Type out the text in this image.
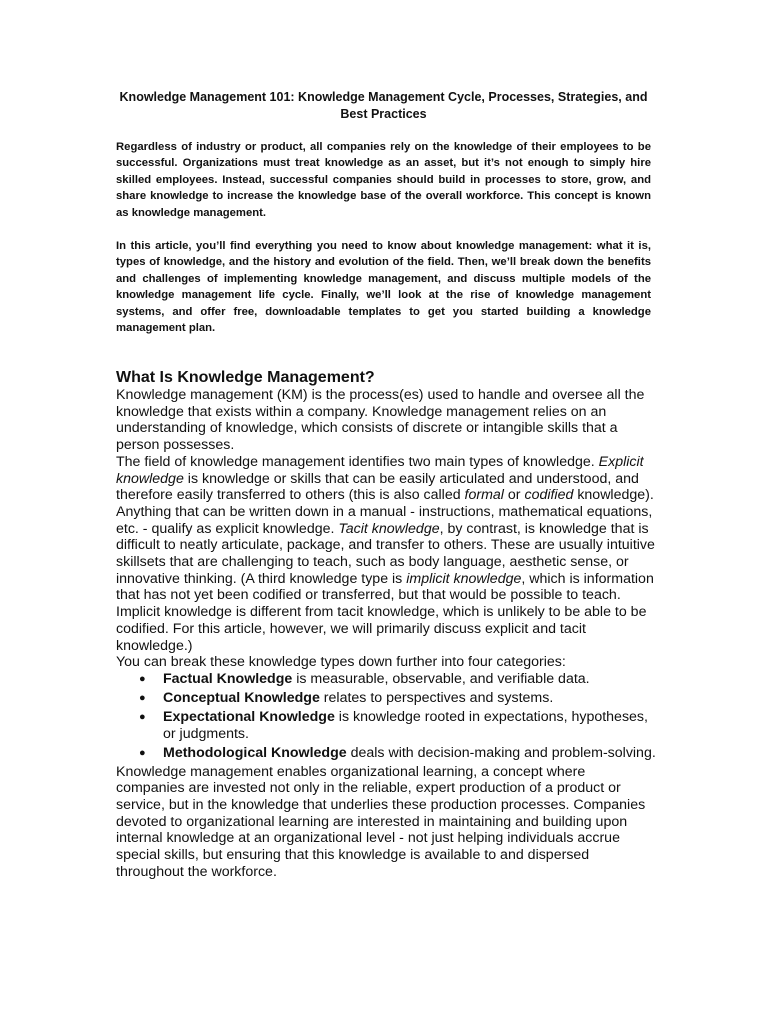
Knowledge Management 101: Knowledge Management Cycle, Processes, Strategies, and Best Practices

Regardless of industry or product, all companies rely on the knowledge of their employees to be successful. Organizations must treat knowledge as an asset, but it’s not enough to simply hire skilled employees. Instead, successful companies should build in processes to store, grow, and share knowledge to increase the knowledge base of the overall workforce. This concept is known as knowledge management.

In this article, you’ll find everything you need to know about knowledge management: what it is, types of knowledge, and the history and evolution of the field. Then, we’ll break down the benefits and challenges of implementing knowledge management, and discuss multiple models of the knowledge management life cycle. Finally, we’ll look at the rise of knowledge management systems, and offer free, downloadable templates to get you started building a knowledge management plan.

What Is Knowledge Management?

Knowledge management (KM) is the process(es) used to handle and oversee all the knowledge that exists within a company. Knowledge management relies on an understanding of knowledge, which consists of discrete or intangible skills that a person possesses.

The field of knowledge management identifies two main types of knowledge. Explicit knowledge is knowledge or skills that can be easily articulated and understood, and therefore easily transferred to others (this is also called formal or codified knowledge). Anything that can be written down in a manual - instructions, mathematical equations, etc. - qualify as explicit knowledge. Tacit knowledge, by contrast, is knowledge that is difficult to neatly articulate, package, and transfer to others. These are usually intuitive skillsets that are challenging to teach, such as body language, aesthetic sense, or innovative thinking. (A third knowledge type is implicit knowledge, which is information that has not yet been codified or transferred, but that would be possible to teach. Implicit knowledge is different from tacit knowledge, which is unlikely to be able to be codified. For this article, however, we will primarily discuss explicit and tacit knowledge.)

You can break these knowledge types down further into four categories:

● Factual Knowledge is measurable, observable, and verifiable data.
● Conceptual Knowledge relates to perspectives and systems.
● Expectational Knowledge is knowledge rooted in expectations, hypotheses, or judgments.
● Methodological Knowledge deals with decision-making and problem-solving.

Knowledge management enables organizational learning, a concept where companies are invested not only in the reliable, expert production of a product or service, but in the knowledge that underlies these production processes. Companies devoted to organizational learning are interested in maintaining and building upon internal knowledge at an organizational level - not just helping individuals accrue special skills, but ensuring that this knowledge is available to and dispersed throughout the workforce.
